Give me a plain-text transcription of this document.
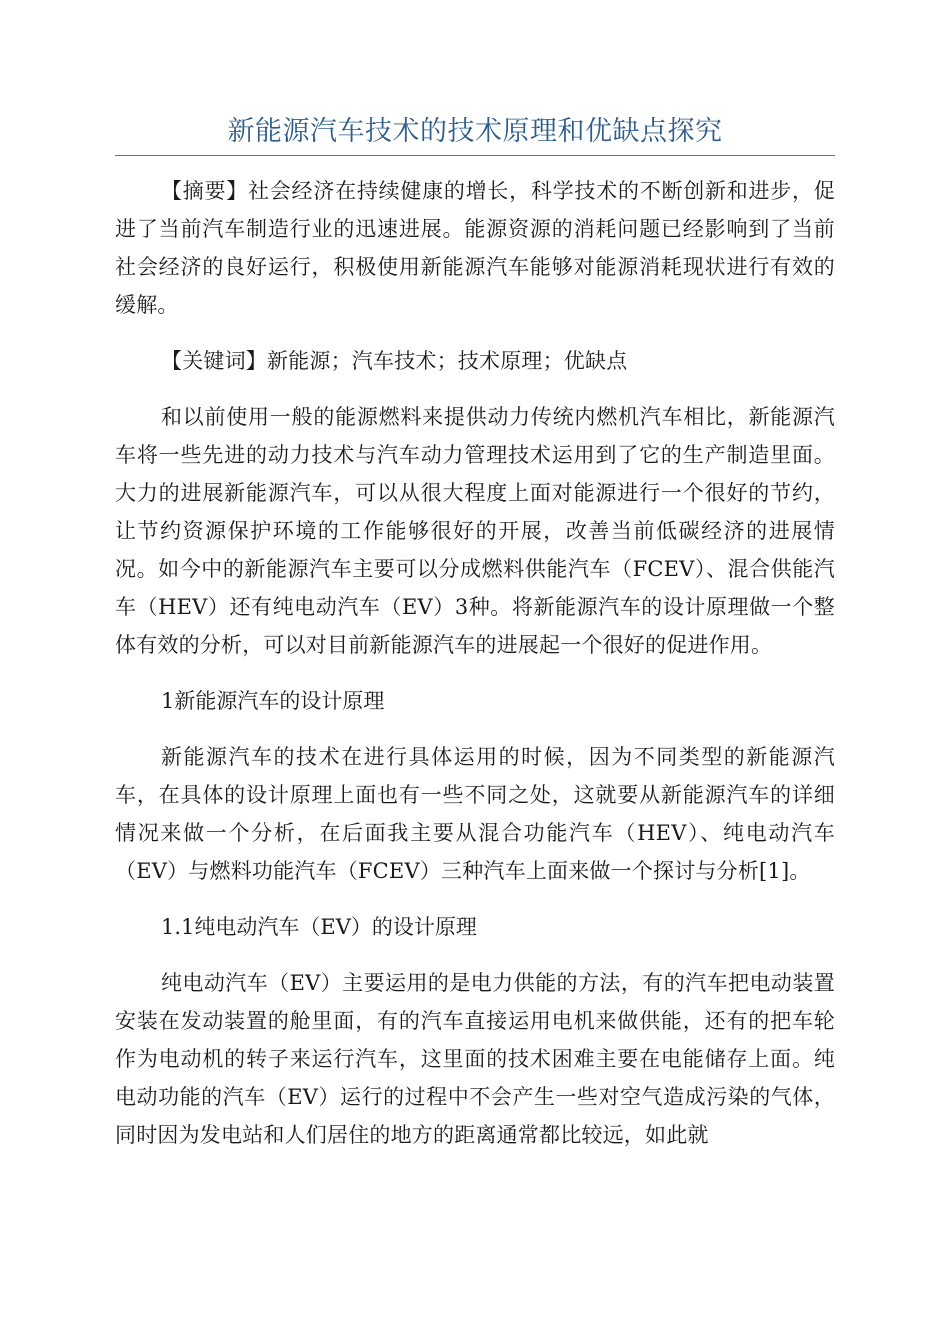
新能源汽车技术的技术原理和优缺点探究

【摘要】社会经济在持续健康的增长，科学技术的不断创新和进步，促进了当前汽车制造行业的迅速进展。能源资源的消耗问题已经影响到了当前社会经济的良好运行，积极使用新能源汽车能够对能源消耗现状进行有效的缓解。

【关键词】新能源；汽车技术；技术原理；优缺点

和以前使用一般的能源燃料来提供动力传统内燃机汽车相比，新能源汽车将一些先进的动力技术与汽车动力管理技术运用到了它的生产制造里面。大力的进展新能源汽车，可以从很大程度上面对能源进行一个很好的节约，让节约资源保护环境的工作能够很好的开展，改善当前低碳经济的进展情况。如今中的新能源汽车主要可以分成燃料供能汽车（FCEV）、混合供能汽车（HEV）还有纯电动汽车（EV）3种。将新能源汽车的设计原理做一个整体有效的分析，可以对目前新能源汽车的进展起一个很好的促进作用。

1新能源汽车的设计原理

新能源汽车的技术在进行具体运用的时候，因为不同类型的新能源汽车，在具体的设计原理上面也有一些不同之处，这就要从新能源汽车的详细情况来做一个分析，在后面我主要从混合功能汽车（HEV）、纯电动汽车（EV）与燃料功能汽车（FCEV）三种汽车上面来做一个探讨与分析[1]。

1.1纯电动汽车（EV）的设计原理

纯电动汽车（EV）主要运用的是电力供能的方法，有的汽车把电动装置安装在发动装置的舱里面，有的汽车直接运用电机来做供能，还有的把车轮作为电动机的转子来运行汽车，这里面的技术困难主要在电能储存上面。纯电动功能的汽车（EV）运行的过程中不会产生一些对空气造成污染的气体，同时因为发电站和人们居住的地方的距离通常都比较远，如此就
